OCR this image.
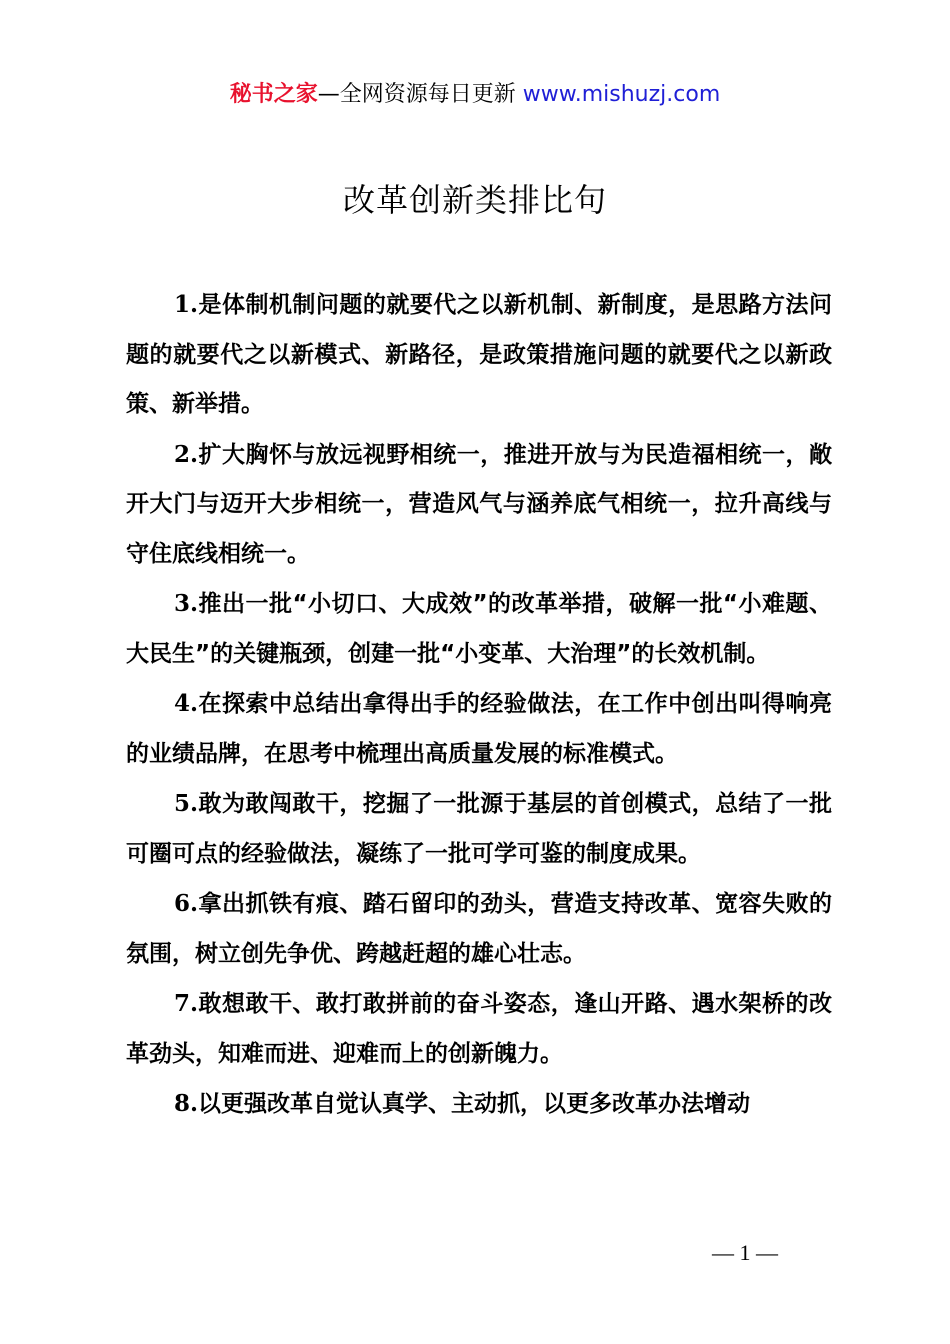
秘书之家—全网资源每日更新 www.mishuzj.com
改革创新类排比句

1.是体制机制问题的就要代之以新机制、新制度，是思路方法问题的就要代之以新模式、新路径，是政策措施问题的就要代之以新政策、新举措。

2.扩大胸怀与放远视野相统一，推进开放与为民造福相统一，敞开大门与迈开大步相统一，营造风气与涵养底气相统一，拉升高线与守住底线相统一。

3.推出一批“小切口、大成效”的改革举措，破解一批“小难题、大民生”的关键瓶颈，创建一批“小变革、大治理”的长效机制。

4.在探索中总结出拿得出手的经验做法，在工作中创出叫得响亮的业绩品牌，在思考中梳理出高质量发展的标准模式。

5.敢为敢闯敢干，挖掘了一批源于基层的首创模式，总结了一批可圈可点的经验做法，凝练了一批可学可鉴的制度成果。

6.拿出抓铁有痕、踏石留印的劲头，营造支持改革、宽容失败的氛围，树立创先争优、跨越赶超的雄心壮志。

7.敢想敢干、敢打敢拼前的奋斗姿态，逢山开路、遇水架桥的改革劲头，知难而进、迎难而上的创新魄力。

8.以更强改革自觉认真学、主动抓，以更多改革办法增动

— 1 —
